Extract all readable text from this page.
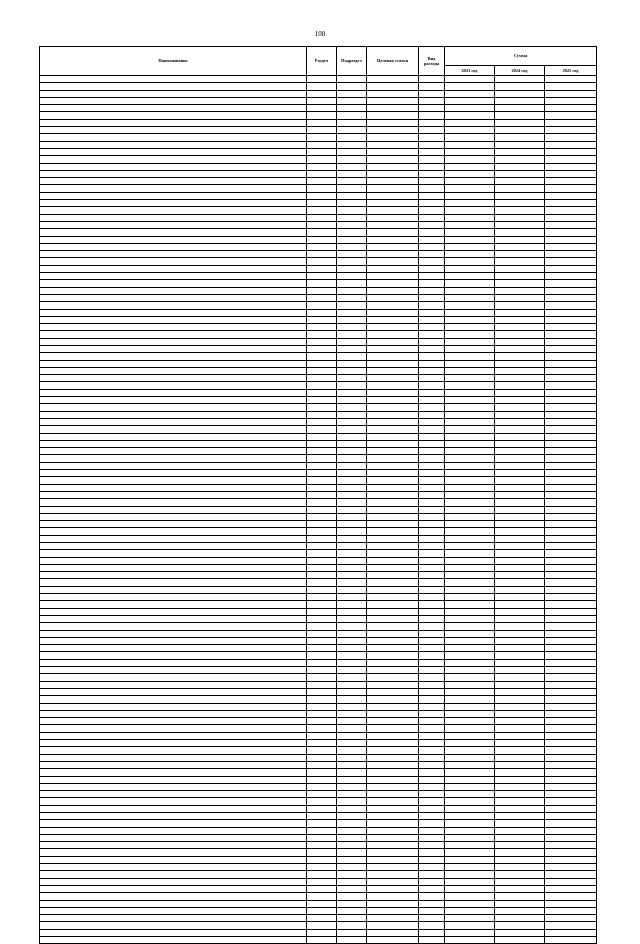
108
Наименование	Раздел	Подраздел	Целевая статья	Вид расхода	Сумма		
					2023 год	2024 год	2025 год
